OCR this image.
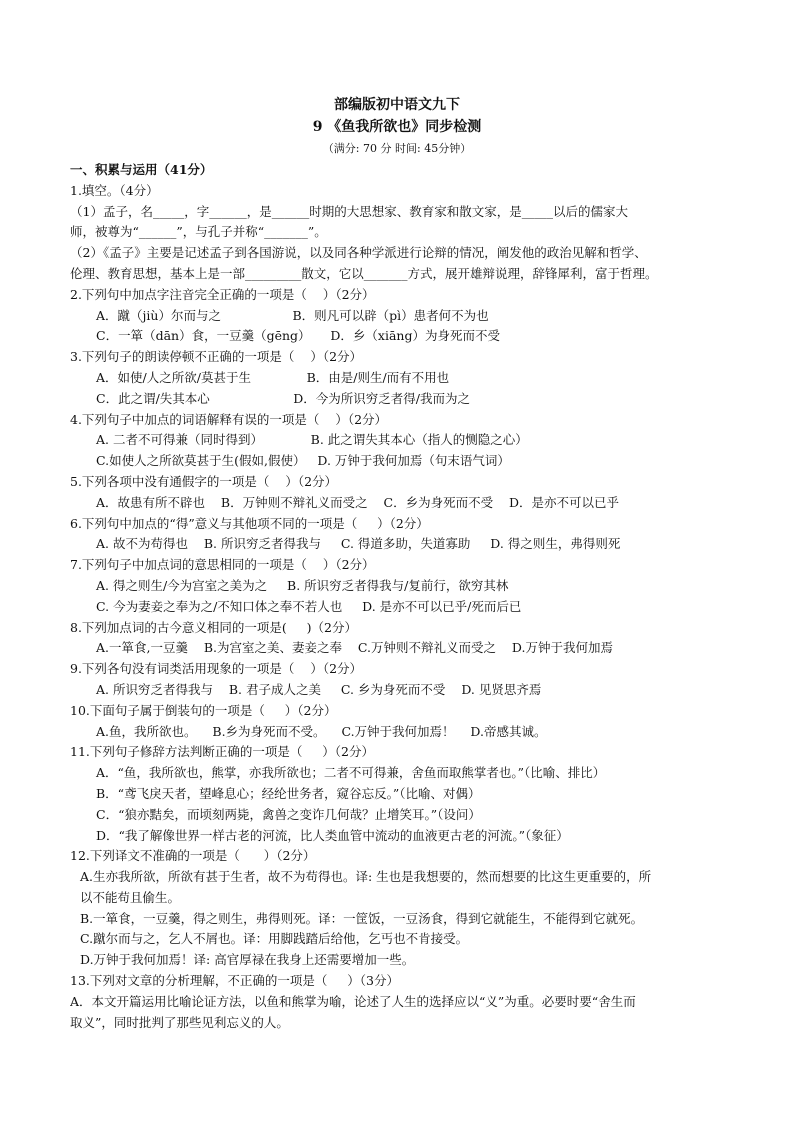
部编版初中语文九下
9 《鱼我所欲也》同步检测
（满分: 70 分 时间: 45分钟）
一、积累与运用（41分）
1.填空。（4分）
（1）孟子，名_____，字______，是______时期的大思想家、教育家和散文家，是_____以后的儒家大
师，被尊为“______”，与孔子并称“_______”。
（2）《孟子》主要是记述孟子到各国游说，以及同各种学派进行论辩的情况，阐发他的政治见解和哲学、
伦理、教育思想，基本上是一部_________散文，它以_______方式，展开雄辩说理，辞锋犀利，富于哲理。
2.下列句中加点字注音完全正确的一项是（    ）（2分）
A．蹴（jiù）尔而与之                  B．则凡可以辟（pì）患者何不为也
C．一箪（dān）食，一豆羹（gēng）     D．乡（xiāng）为身死而不受
3.下列句子的朗读停顿不正确的一项是（    ）（2分）
A．如使/人之所欲/莫甚于生              B．由是/则生/而有不用也
C．此之谓/失其本心                     D．今为所识穷乏者得/我而为之
4.下列句子中加点的词语解释有误的一项是（    ）（2分）
A. 二者不可得兼（同时得到）            B. 此之谓失其本心（指人的恻隐之心）
C.如使人之所欲莫甚于生(假如,假使）   D. 万钟于我何加焉（句末语气词）
5.下列各项中没有通假字的一项是（    ）（2分）
A．故患有所不辟也    B．万钟则不辩礼义而受之    C．乡为身死而不受    D．是亦不可以已乎
6.下列句中加点的“得”意义与其他项不同的一项是（     ）（2分）
A. 故不为苟得也    B. 所识穷乏者得我与     C. 得道多助，失道寡助     D. 得之则生，弗得则死
7.下列句子中加点词的意思相同的一项是（    ）（2分）
A. 得之则生/今为宫室之美为之     B. 所识穷乏者得我与/复前行，欲穷其林
C. 今为妻妾之奉为之/不知口体之奉不若人也     D. 是亦不可以已乎/死而后已
8.下列加点词的古今意义相同的一项是(     )（2分）
A.一箪食,一豆羹    B.为宫室之美、妻妾之奉    C.万钟则不辩礼义而受之    D.万钟于我何加焉
9.下列各句没有词类活用现象的一项是（    ）（2分）
A. 所识穷乏者得我与    B. 君子成人之美     C. 乡为身死而不受    D. 见贤思齐焉
10.下面句子属于倒装句的一项是（     ）（2分）
A.鱼，我所欲也。    B.乡为身死而不受。    C.万钟于我何加焉！    D.帝感其诚。
11.下列句子修辞方法判断正确的一项是（     ）（2分）
A．“鱼，我所欲也，熊掌，亦我所欲也；二者不可得兼，舍鱼而取熊掌者也。”（比喻、排比）
B．“鸢飞戾天者，望峰息心；经纶世务者，窥谷忘反。”（比喻、对偶）
C．“狼亦黠矣，而顷刻两毙，禽兽之变诈几何哉？止增笑耳。”（设问）
D．“我了解像世界一样古老的河流，比人类血管中流动的血液更古老的河流。”（象征）
12.下列译文不准确的一项是（      ）（2分）
A.生亦我所欲，所欲有甚于生者，故不为苟得也。译: 生也是我想要的，然而想要的比这生更重要的，所
以不能苟且偷生。
B.一箪食，一豆羹，得之则生，弗得则死。译：一筐饭，一豆汤食，得到它就能生，不能得到它就死。
C.蹴尔而与之，乞人不屑也。译：用脚践踏后给他，乞丐也不肯接受。
D.万钟于我何加焉！译: 高官厚禄在我身上还需要增加一些。
13.下列对文章的分析理解，不正确的一项是（     ）（3分）
A．本文开篇运用比喻论证方法，以鱼和熊掌为喻，论述了人生的选择应以“义”为重。必要时要“舍生而
取义”，同时批判了那些见利忘义的人。
